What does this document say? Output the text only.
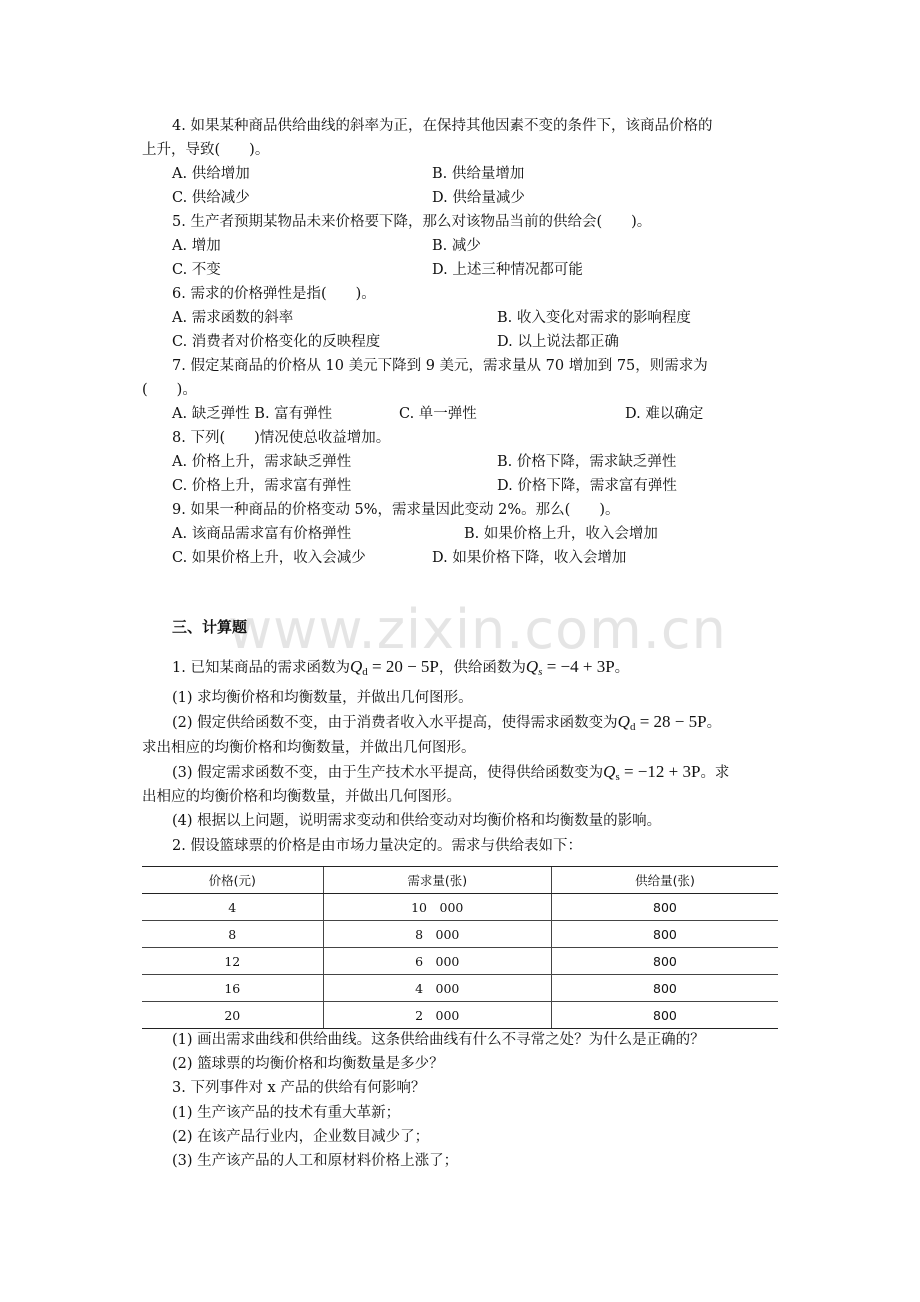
www.zixin.com.cn
4. 如果某种商品供给曲线的斜率为正，在保持其他因素不变的条件下，该商品价格的
上升，导致(　　)。
A. 供给增加	B. 供给量增加
C. 供给减少	D. 供给量减少
5. 生产者预期某物品未来价格要下降，那么对该物品当前的供给会(　　)。
A. 增加	B. 减少
C. 不变	D. 上述三种情况都可能
6. 需求的价格弹性是指(　　)。
A. 需求函数的斜率	B. 收入变化对需求的影响程度
C. 消费者对价格变化的反映程度	D. 以上说法都正确
7. 假定某商品的价格从 10 美元下降到 9 美元，需求量从 70 增加到 75，则需求为
(　　)。
A. 缺乏弹性 B. 富有弹性	C. 单一弹性	D. 难以确定
8. 下列(　　)情况使总收益增加。
A. 价格上升，需求缺乏弹性	B. 价格下降，需求缺乏弹性
C. 价格上升，需求富有弹性	D. 价格下降，需求富有弹性
9. 如果一种商品的价格变动 5%，需求量因此变动 2%。那么(　　)。
A. 该商品需求富有价格弹性	B. 如果价格上升，收入会增加
C. 如果价格上升，收入会减少	D. 如果价格下降，收入会增加
三、计算题
1. 已知某商品的需求函数为$Q_d = 20 - 5P$，供给函数为$Q_s = -4 + 3P$。
(1) 求均衡价格和均衡数量，并做出几何图形。
(2) 假定供给函数不变，由于消费者收入水平提高，使得需求函数变为$Q_d = 28 - 5P$。
求出相应的均衡价格和均衡数量，并做出几何图形。
(3) 假定需求函数不变，由于生产技术水平提高，使得供给函数变为$Q_s = -12 + 3P$。求
出相应的均衡价格和均衡数量，并做出几何图形。
(4) 根据以上问题，说明需求变动和供给变动对均衡价格和均衡数量的影响。
2. 假设篮球票的价格是由市场力量决定的。需求与供给表如下：
价格(元)	需求量(张)	供给量(张)
4	10　000	800
8	8　000	800
12	6　000	800
16	4　000	800
20	2　000	800
(1) 画出需求曲线和供给曲线。这条供给曲线有什么不寻常之处？为什么是正确的？
(2) 篮球票的均衡价格和均衡数量是多少？
3. 下列事件对 x 产品的供给有何影响？
(1) 生产该产品的技术有重大革新；
(2) 在该产品行业内，企业数目减少了；
(3) 生产该产品的人工和原材料价格上涨了；
